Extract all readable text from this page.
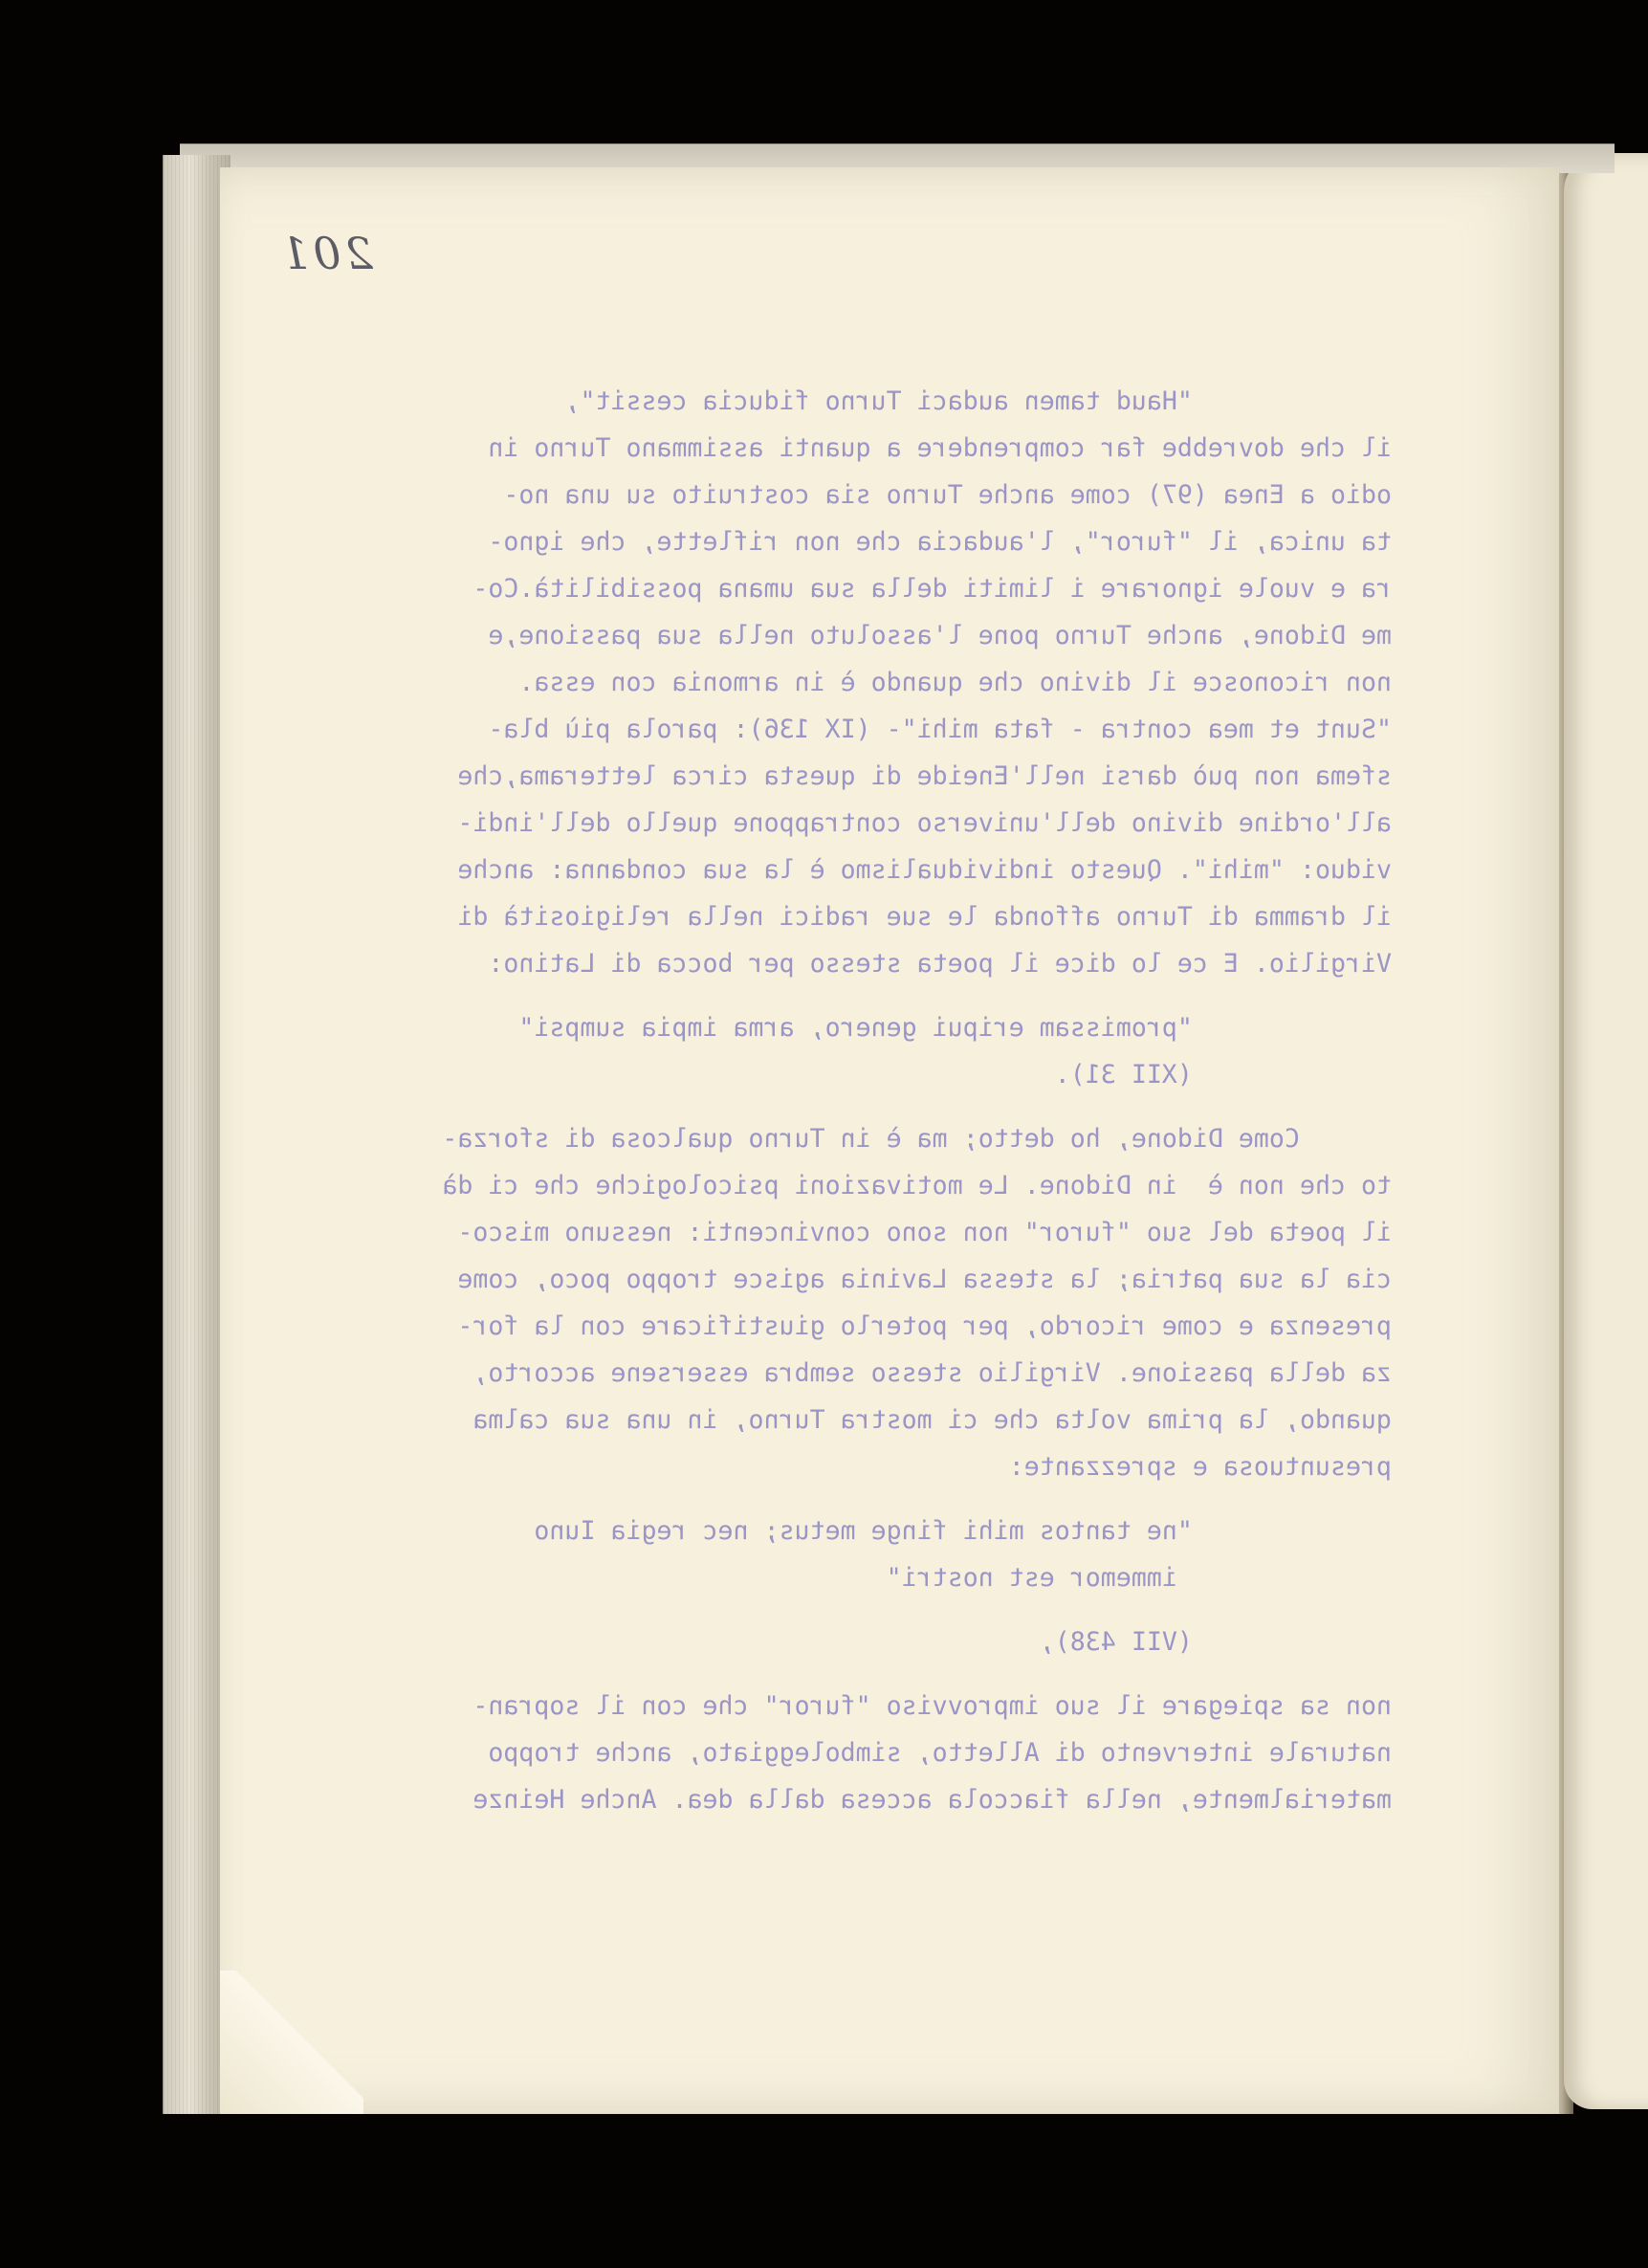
201
"Haud tamen audaci Turno fiducia cessit",
il che dovrebbe far comprendere a quanti assimmano Turno in
odio a Enea (97) come anche Turno sia costruito su una no-
ta unica, il "furor", l'audacia che non riflette, che igno-
ra e vuole ignorare i limiti della sua umana possibilità.Co-
me Didone, anche Turno pone l'assoluto nella sua passione,e
non riconosce il divino che quando è in armonia con essa.
"Sunt et mea contra - fata mihi"- (IX 136): parola più bla-
sfema non può darsi nell'Eneide di questa circa letterama,che
all'ordine divino dell'universo contrappone quello dell'indi-
viduo: "mihi". Questo individualismo è la sua condanna: anche
il dramma di Turno affonda le sue radici nella religiosità di
Virgilio. E ce lo dice il poeta stesso per bocca di Latino:
"promissam eripui genero, arma impia sumpsi"
(XII 31).
Come Didone, ho detto; ma è in Turno qualcosa di sforza-
to che non è  in Didone. Le motivazioni psicologiche che ci dà
il poeta del suo "furor" non sono convincenti: nessuno misco-
cia la sua patria; la stessa Lavinia agisce troppo poco, come
presenza e come ricordo, per poterlo giustificare con la for-
za della passione. Virgilio stesso sembra essersene accorto,
quando, la prima volta che ci mostra Turno, in una sua calma
presuntuosa e sprezzante:
"ne tantos mihi finge metus; nec regia Iuno
immemor est nostri"
(VII 438),
non sa spiegare il suo improvviso "furor" che con il sopran-
naturale intervento di Alletto, simboleggiato, anche troppo
materialmente, nella fiaccola accesa dalla dea. Anche Heinze
